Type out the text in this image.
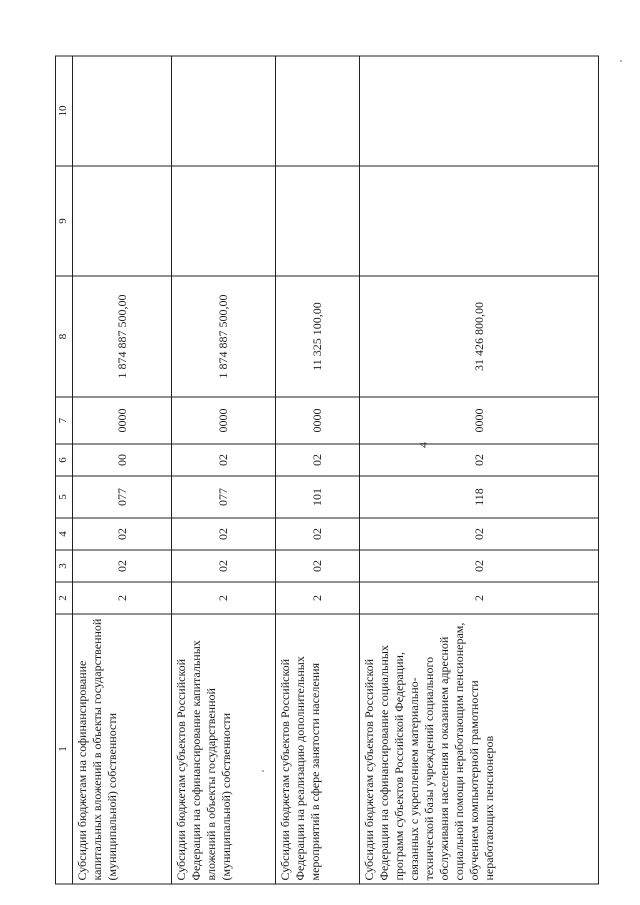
4
1	2	3	4	5	6	7	8	9	10
Субсидии бюджетам на софинансирование капитальных вложений в объекты государственной (муниципальной) собственности	2	02	02	077	00	0000	1 874 887 500,00		
Субсидии бюджетам субъектов Российской Федерации на софинансирование капитальных вложений в объекты государственной (муниципальной) собственности	2	02	02	077	02	0000	1 874 887 500,00		
Субсидии бюджетам субъектов Российской Федерации на реализацию дополнительных мероприятий в сфере занятости населения	2	02	02	101	02	0000	11 325 100,00		
Субсидии бюджетам субъектов Российской Федерации на софинансирование социальных программ субъектов Российской Федерации, связанных с укреплением материально-технической базы учреждений социального обслуживания населения и оказанием адресной социальной помощи неработающим пенсионерам, обучением компьютерной грамотности неработающих пенсионеров	2	02	02	118	02	0000	31 426 800,00		
